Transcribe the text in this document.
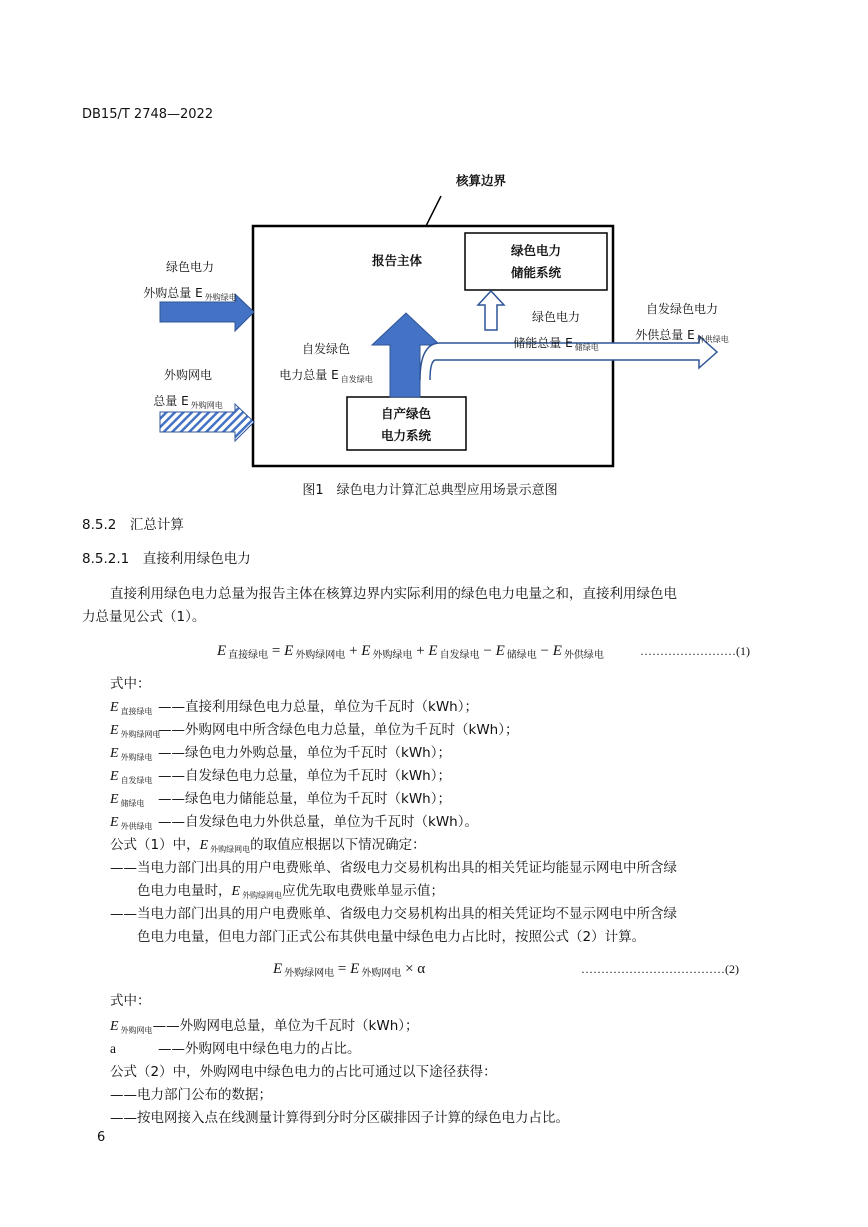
DB15/T 2748—2022
核算边界
报告主体
绿色电力
储能系统
自产绿色
电力系统
绿色电力
外购总量 E $_{外购绿电}$
外购网电
总量 E $_{外购网电}$
自发绿色
电力总量 E $_{自发绿电}$
绿色电力
储能总量 E $_{储绿电}$
自发绿色电力
外供总量 E $_{外供绿电}$
图1　绿色电力计算汇总典型应用场景示意图
8.5.2　汇总计算
8.5.2.1　直接利用绿色电力
直接利用绿色电力总量为报告主体在核算边界内实际利用的绿色电力电量之和，直接利用绿色电
力总量见公式（1）。
E $_{直接绿电}$ = E $_{外购绿网电}$ + E $_{外购绿电}$ + E $_{自发绿电}$ − E $_{储绿电}$ − E $_{外供绿电}$	……………………(1)
式中：
E $_{直接绿电}$ ——直接利用绿色电力总量，单位为千瓦时（kWh）；
E $_{外购绿网电}$——外购网电中所含绿色电力总量，单位为千瓦时（kWh）；
E $_{外购绿电}$ ——绿色电力外购总量，单位为千瓦时（kWh）；
E $_{自发绿电}$ ——自发绿色电力总量，单位为千瓦时（kWh）；
E $_{储绿电}$ ——绿色电力储能总量，单位为千瓦时（kWh）；
E $_{外供绿电}$ ——自发绿色电力外供总量，单位为千瓦时（kWh）。
公式（1）中，E $_{外购绿网电}$的取值应根据以下情况确定：
——当电力部门出具的用户电费账单、省级电力交易机构出具的相关凭证均能显示网电中所含绿
色电力电量时，E $_{外购绿网电}$应优先取电费账单显示值；
——当电力部门出具的用户电费账单、省级电力交易机构出具的相关凭证均不显示网电中所含绿
色电力电量，但电力部门正式公布其供电量中绿色电力占比时，按照公式（2）计算。
E $_{外购绿网电}$ = E $_{外购网电}$ × α	………………………………(2)
式中：
E $_{外购网电}$——外购网电总量，单位为千瓦时（kWh）；
a	——外购网电中绿色电力的占比。
公式（2）中，外购网电中绿色电力的占比可通过以下途径获得：
——电力部门公布的数据；
——按电网接入点在线测量计算得到分时分区碳排因子计算的绿色电力占比。
6
